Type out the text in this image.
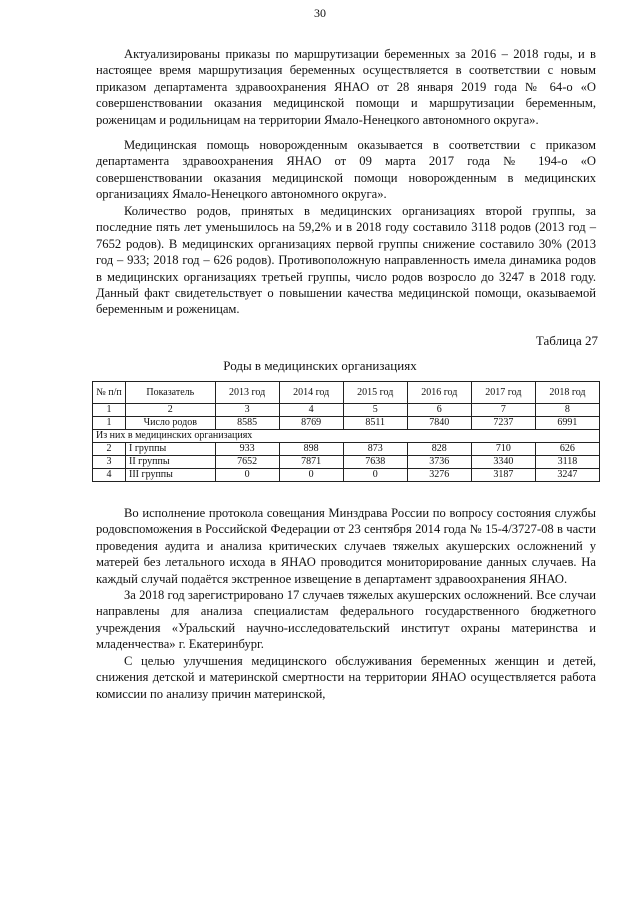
30

Актуализированы приказы по маршрутизации беременных за 2016 – 2018 годы, и в настоящее время маршрутизация беременных осуществляется в соответствии с новым приказом департамента здравоохранения ЯНАО от 28 января 2019 года № 64-о «О совершенствовании оказания медицинской помощи и маршрутизации беременным, роженицам и родильницам на территории Ямало-Ненецкого автономного округа».

Медицинская помощь новорожденным оказывается в соответствии с приказом департамента здравоохранения ЯНАО от 09 марта 2017 года № 194-о «О совершенствовании оказания медицинской помощи новорожденным в медицинских организациях Ямало-Ненецкого автономного округа».

Количество родов, принятых в медицинских организациях второй группы, за последние пять лет уменьшилось на 59,2% и в 2018 году составило 3118 родов (2013 год – 7652 родов). В медицинских организациях первой группы снижение составило 30% (2013 год – 933; 2018 год – 626 родов). Противоположную направленность имела динамика родов в медицинских организациях третьей группы, число родов возросло до 3247 в 2018 году. Данный факт свидетельствует о повышении качества медицинской помощи, оказываемой беременным и роженицам.

Таблица 27
Роды в медицинских организациях
№ п/п	Показатель	2013 год	2014 год	2015 год	2016 год	2017 год	2018 год
1	2	3	4	5	6	7	8
1	Число родов	8585	8769	8511	7840	7237	6991
Из них в медицинских организациях							
2	I группы	933	898	873	828	710	626
3	II группы	7652	7871	7638	3736	3340	3118
4	III группы	0	0	0	3276	3187	3247

Во исполнение протокола совещания Минздрава России по вопросу состояния службы родовспоможения в Российской Федерации от 23 сентября 2014 года № 15-4/3727-08 в части проведения аудита и анализа критических случаев тяжелых акушерских осложнений у матерей без летального исхода в ЯНАО проводится мониторирование данных случаев. На каждый случай подаётся экстренное извещение в департамент здравоохранения ЯНАО.

За 2018 год зарегистрировано 17 случаев тяжелых акушерских осложнений. Все случаи направлены для анализа специалистам федерального государственного бюджетного учреждения «Уральский научно-исследовательский институт охраны материнства и младенчества» г. Екатеринбург.

С целью улучшения медицинского обслуживания беременных женщин и детей, снижения детской и материнской смертности на территории ЯНАО осуществляется работа комиссии по анализу причин материнской,
